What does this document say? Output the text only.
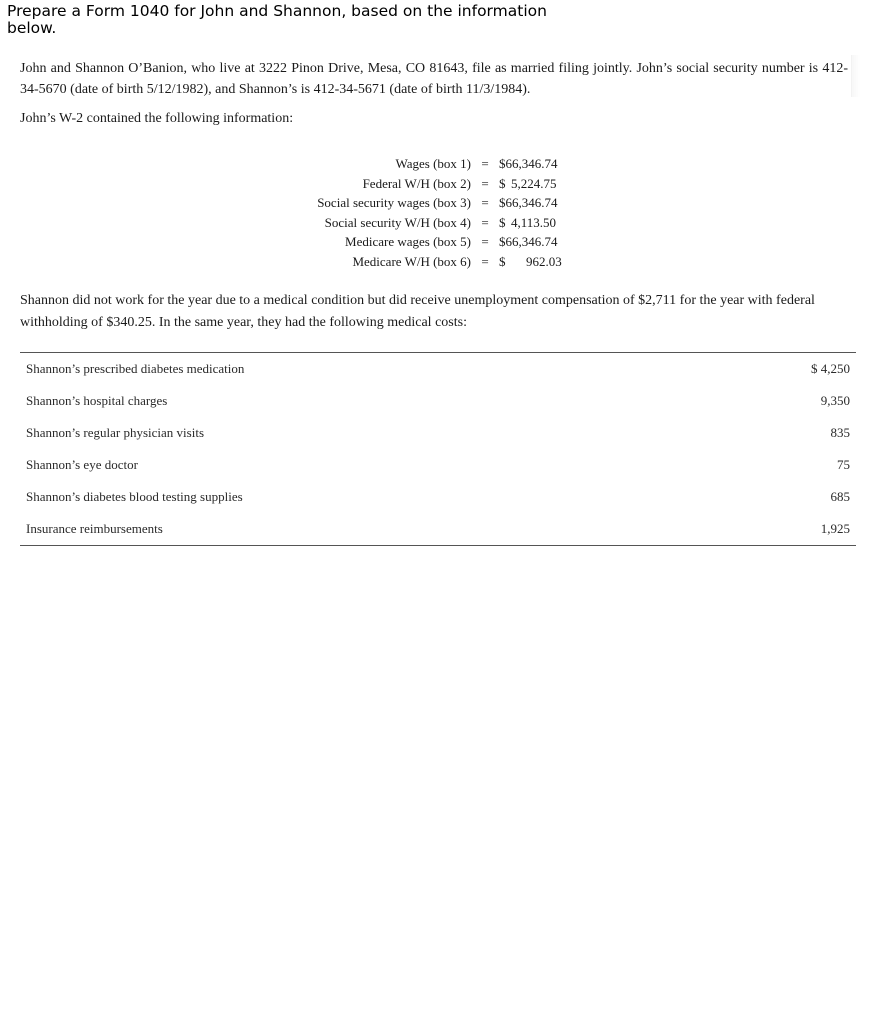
Prepare a Form 1040 for John and Shannon, based on the information below.

John and Shannon O’Banion, who live at 3222 Pinon Drive, Mesa, CO 81643, file as married filing jointly. John’s social security number is 412-34-5670 (date of birth 5/12/1982), and Shannon’s is 412-34-5671 (date of birth 11/3/1984).

John’s W-2 contained the following information:

Wages (box 1)	=	$66,346.74
Federal W/H (box 2)	=	$ 5,224.75
Social security wages (box 3)	=	$66,346.74
Social security W/H (box 4)	=	$ 4,113.50
Medicare wages (box 5)	=	$66,346.74
Medicare W/H (box 6)	=	$ 962.03

Shannon did not work for the year due to a medical condition but did receive unemployment compensation of $2,711 for the year with federal withholding of $340.25. In the same year, they had the following medical costs:

Shannon’s prescribed diabetes medication	$ 4,250
Shannon’s hospital charges	9,350
Shannon’s regular physician visits	835
Shannon’s eye doctor	75
Shannon’s diabetes blood testing supplies	685
Insurance reimbursements	1,925
